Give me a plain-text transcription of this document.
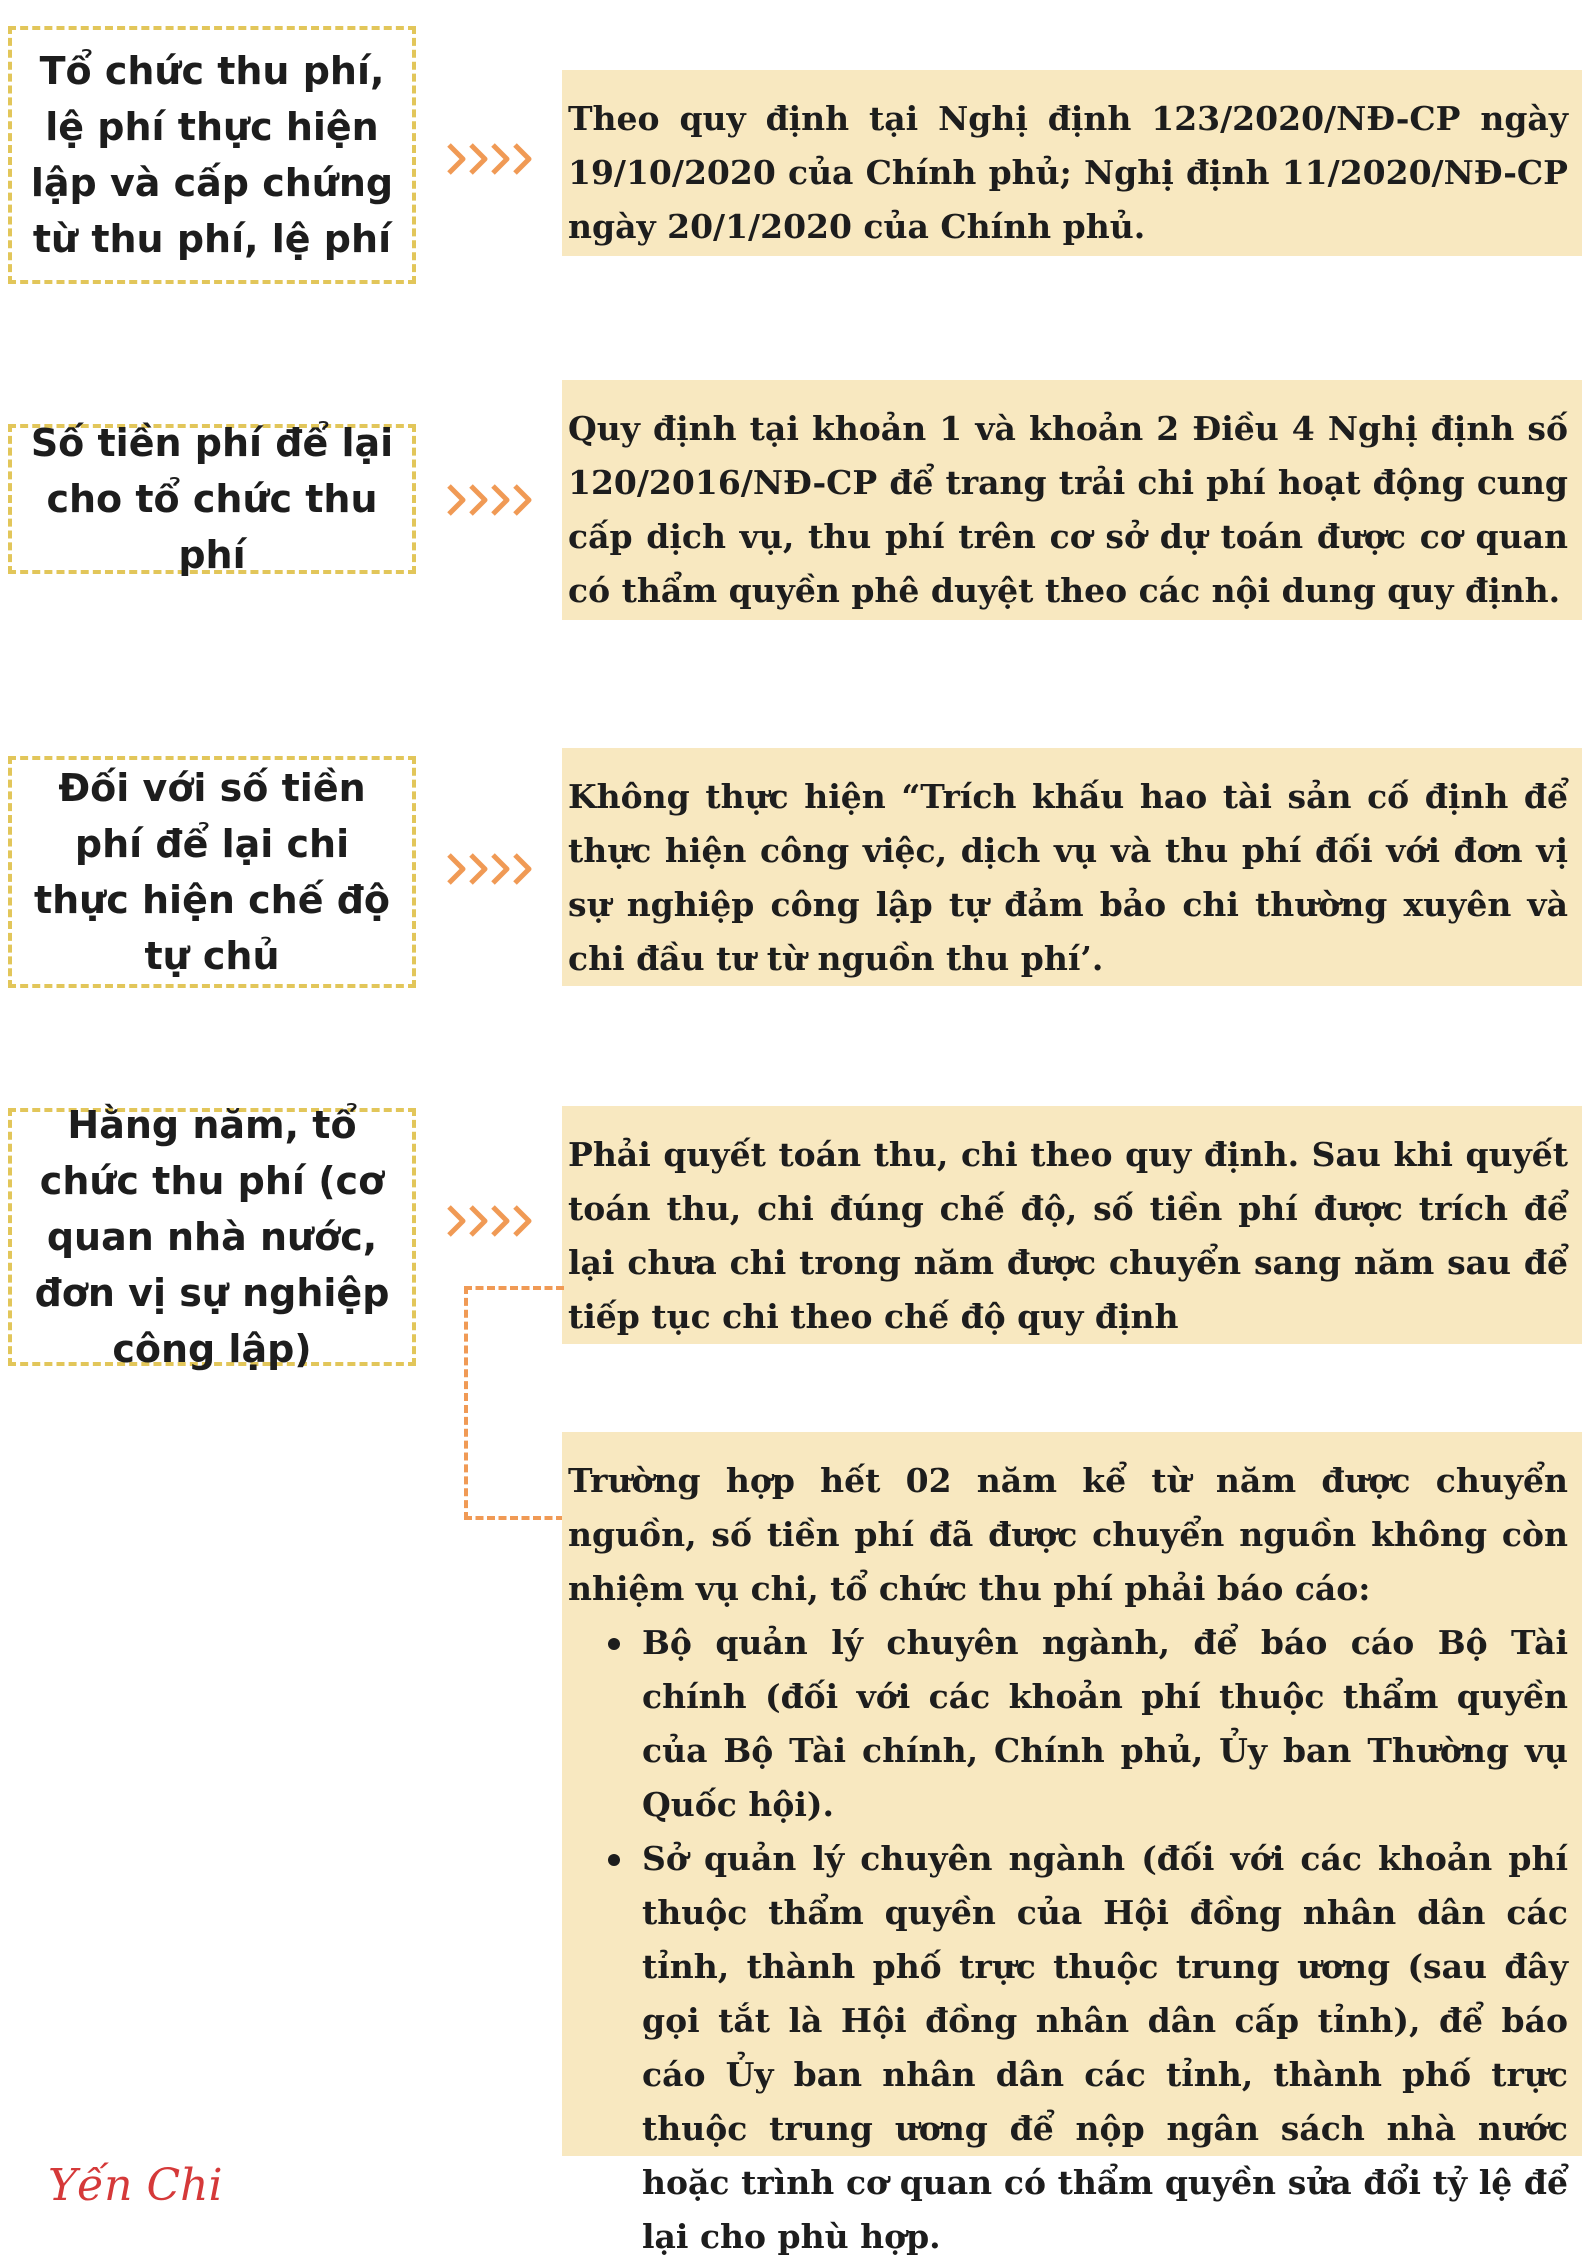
Tổ chức thu phí, lệ phí thực hiện lập và cấp chứng từ thu phí, lệ phí

Theo quy định tại Nghị định 123/2020/NĐ-CP ngày 19/10/2020 của Chính phủ; Nghị định 11/2020/NĐ-CP ngày 20/1/2020 của Chính phủ.

Số tiền phí để lại cho tổ chức thu phí

Quy định tại khoản 1 và khoản 2 Điều 4 Nghị định số 120/2016/NĐ-CP để trang trải chi phí hoạt động cung cấp dịch vụ, thu phí trên cơ sở dự toán được cơ quan có thẩm quyền phê duyệt theo các nội dung quy định.

Đối với số tiền phí để lại chi thực hiện chế độ tự chủ

Không thực hiện “Trích khấu hao tài sản cố định để thực hiện công việc, dịch vụ và thu phí đối với đơn vị sự nghiệp công lập tự đảm bảo chi thường xuyên và chi đầu tư từ nguồn thu phí’.

Hằng năm, tổ chức thu phí (cơ quan nhà nước, đơn vị sự nghiệp công lập)

Phải quyết toán thu, chi theo quy định. Sau khi quyết toán thu, chi đúng chế độ, số tiền phí được trích để lại chưa chi trong năm được chuyển sang năm sau để tiếp tục chi theo chế độ quy định

Trường hợp hết 02 năm kể từ năm được chuyển nguồn, số tiền phí đã được chuyển nguồn không còn nhiệm vụ chi, tổ chức thu phí phải báo cáo:

Bộ quản lý chuyên ngành, để báo cáo Bộ Tài chính (đối với các khoản phí thuộc thẩm quyền của Bộ Tài chính, Chính phủ, Ủy ban Thường vụ Quốc hội).
Sở quản lý chuyên ngành (đối với các khoản phí thuộc thẩm quyền của Hội đồng nhân dân các tỉnh, thành phố trực thuộc trung ương (sau đây gọi tắt là Hội đồng nhân dân cấp tỉnh), để báo cáo Ủy ban nhân dân các tỉnh, thành phố trực thuộc trung ương để nộp ngân sách nhà nước hoặc trình cơ quan có thẩm quyền sửa đổi tỷ lệ để lại cho phù hợp.
Yến Chi
